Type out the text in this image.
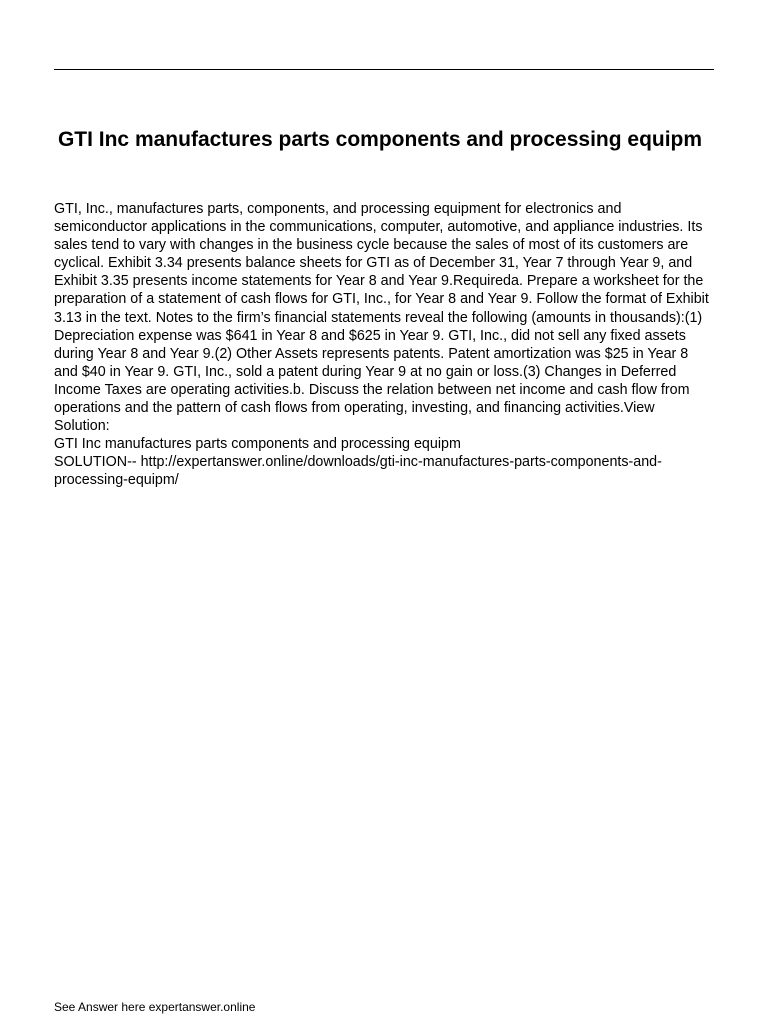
GTI Inc manufactures parts components and processing equipm
GTI, Inc., manufactures parts, components, and processing equipment for electronics and semiconductor applications in the communications, computer, automotive, and appliance industries. Its sales tend to vary with changes in the business cycle because the sales of most of its customers are cyclical. Exhibit 3.34 presents balance sheets for GTI as of December 31, Year 7 through Year 9, and Exhibit 3.35 presents income statements for Year 8 and Year 9.Requireda. Prepare a worksheet for the preparation of a statement of cash flows for GTI, Inc., for Year 8 and Year 9. Follow the format of Exhibit 3.13 in the text. Notes to the firm’s financial statements reveal the following (amounts in thousands):(1) Depreciation expense was $641 in Year 8 and $625 in Year 9. GTI, Inc., did not sell any fixed assets during Year 8 and Year 9.(2) Other Assets represents patents. Patent amortization was $25 in Year 8 and $40 in Year 9. GTI, Inc., sold a patent during Year 9 at no gain or loss.(3) Changes in Deferred Income Taxes are operating activities.b. Discuss the relation between net income and cash flow from operations and the pattern of cash flows from operating, investing, and financing activities.View Solution:
GTI Inc manufactures parts components and processing equipm
SOLUTION-- http://expertanswer.online/downloads/gti-inc-manufactures-parts-components-and-processing-equipm/

See Answer here expertanswer.online
